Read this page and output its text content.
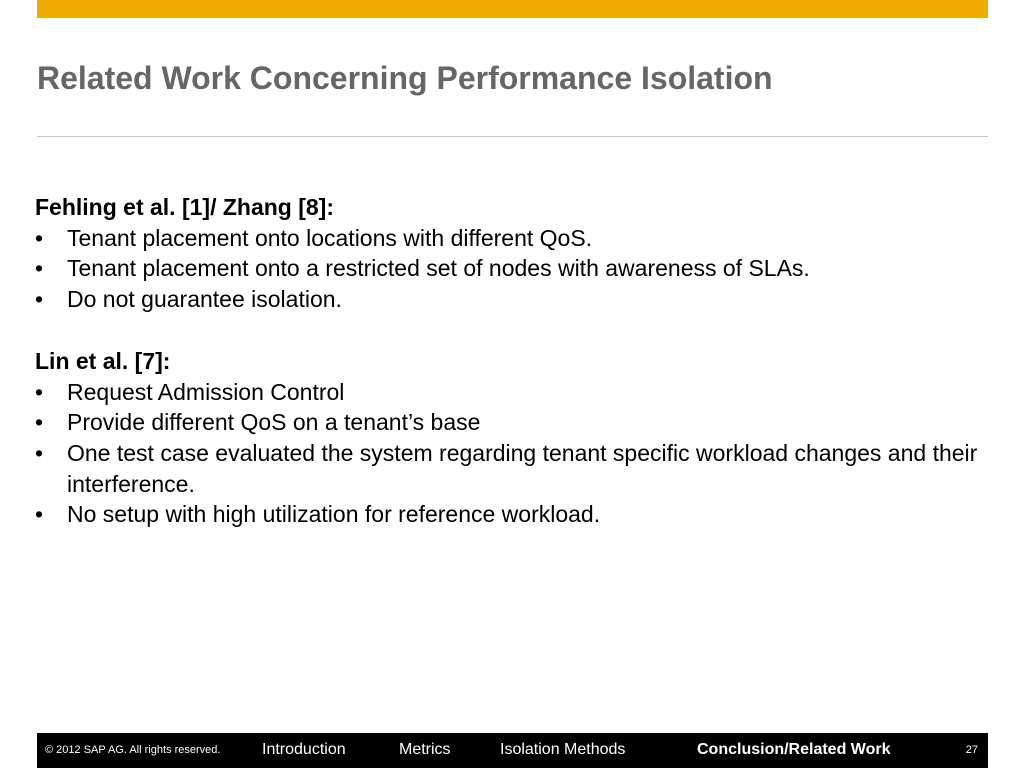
Related Work Concerning Performance Isolation

Fehling et al. [1]/ Zhang [8]:

• Tenant placement onto locations with different QoS.
• Tenant placement onto a restricted set of nodes with awareness of SLAs.
• Do not guarantee isolation.

Lin et al. [7]:

• Request Admission Control
• Provide different QoS on a tenant’s base
• One test case evaluated the system regarding tenant specific workload changes and their interference.
• No setup with high utilization for reference workload.
© 2012 SAP AG. All rights reserved.	Introduction	Metrics	Isolation Methods	Conclusion/Related Work	27
